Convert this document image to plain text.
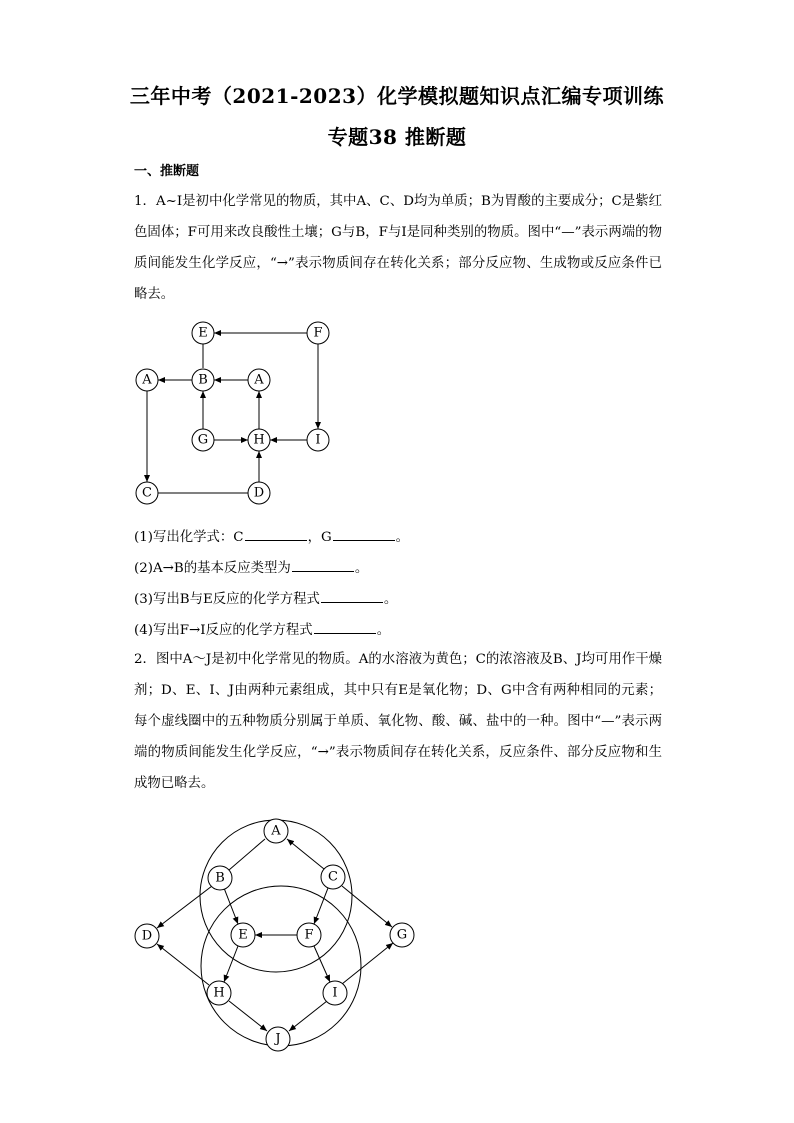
三年中考（2021-2023）化学模拟题知识点汇编专项训练
专题38 推断题
一、推断题
1．A~I是初中化学常见的物质，其中A、C、D均为单质；B为胃酸的主要成分；C是紫红色固体；F可用来改良酸性土壤；G与B，F与I是同种类别的物质。图中“—”表示两端的物质间能发生化学反应，“→”表示物质间存在转化关系；部分反应物、生成物或反应条件已略去。
E	F
A	B	A
G	H	I
C	D
A
B	C
D	E	F	G
H	I
J
(1)写出化学式：C	，G	。
(2)A→B的基本反应类型为	。
(3)写出B与E反应的化学方程式	。
(4)写出F→I反应的化学方程式	。
2．图中A～J是初中化学常见的物质。A的水溶液为黄色；C的浓溶液及B、J均可用作干燥剂；D、E、I、J由两种元素组成，其中只有E是氧化物；D、G中含有两种相同的元素；每个虚线圈中的五种物质分别属于单质、氧化物、酸、碱、盐中的一种。图中“—”表示两端的物质间能发生化学反应，“→”表示物质间存在转化关系，反应条件、部分反应物和生成物已略去。
